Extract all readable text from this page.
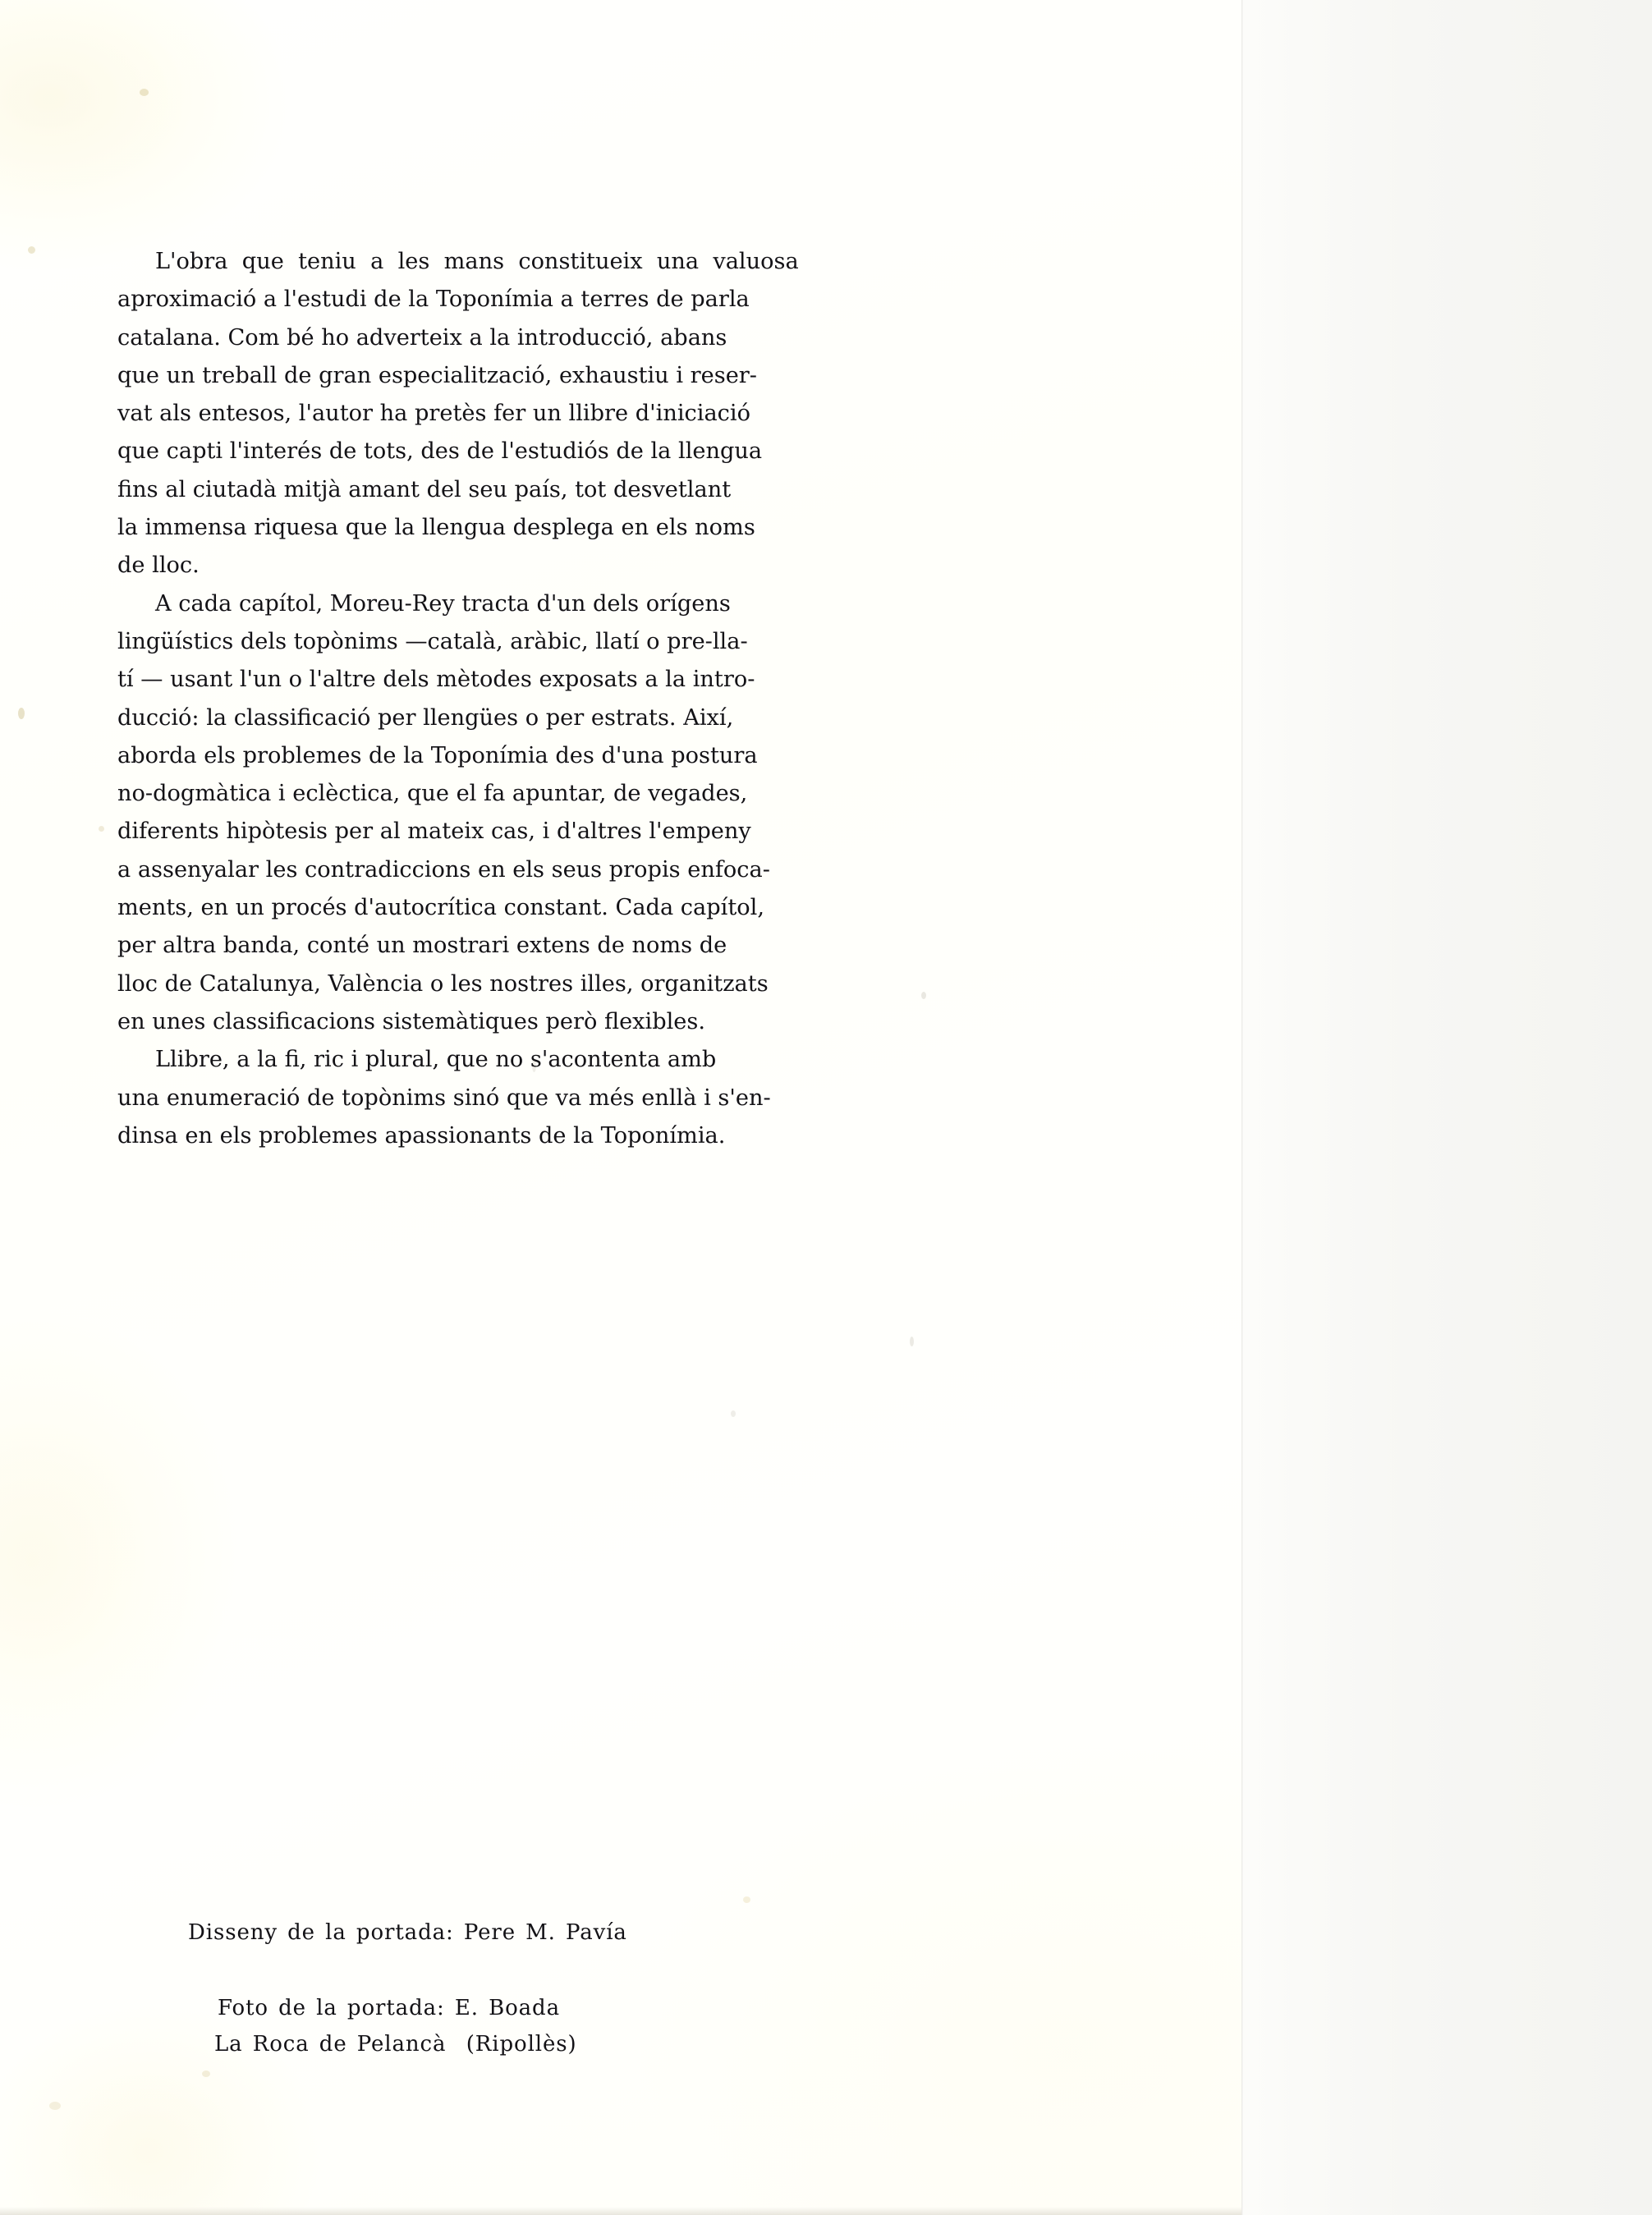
L'obra  que  teniu  a  les  mans  constitueix  una  valuosa
aproximació a l'estudi de la Toponímia a terres de parla
catalana. Com bé ho adverteix a la introducció, abans
que un treball de gran especialització, exhaustiu i reser-
vat als entesos, l'autor ha pretès fer un llibre d'iniciació
que capti l'interés de tots, des de l'estudiós de la llengua
fins al ciutadà mitjà amant del seu país, tot desvetlant
la immensa riquesa que la llengua desplega en els noms
de lloc.
A cada capítol, Moreu-Rey tracta d'un dels orígens
lingüístics dels topònims —català, aràbic, llatí o pre-lla-
tí — usant l'un o l'altre dels mètodes exposats a la intro-
ducció: la classificació per llengües o per estrats. Així,
aborda els problemes de la Toponímia des d'una postura
no-dogmàtica i eclèctica, que el fa apuntar, de vegades,
diferents hipòtesis per al mateix cas, i d'altres l'empeny
a assenyalar les contradiccions en els seus propis enfoca-
ments, en un procés d'autocrítica constant. Cada capítol,
per altra banda, conté un mostrari extens de noms de
lloc de Catalunya, València o les nostres illes, organitzats
en unes classificacions sistemàtiques però flexibles.
Llibre, a la fi, ric i plural, que no s'acontenta amb
una enumeració de topònims sinó que va més enllà i s'en-
dinsa en els problemes apassionants de la Toponímia.
Disseny de la portada: Pere M. Pavía
Foto de la portada: E. Boada
La Roca de Pelancà  (Ripollès)
